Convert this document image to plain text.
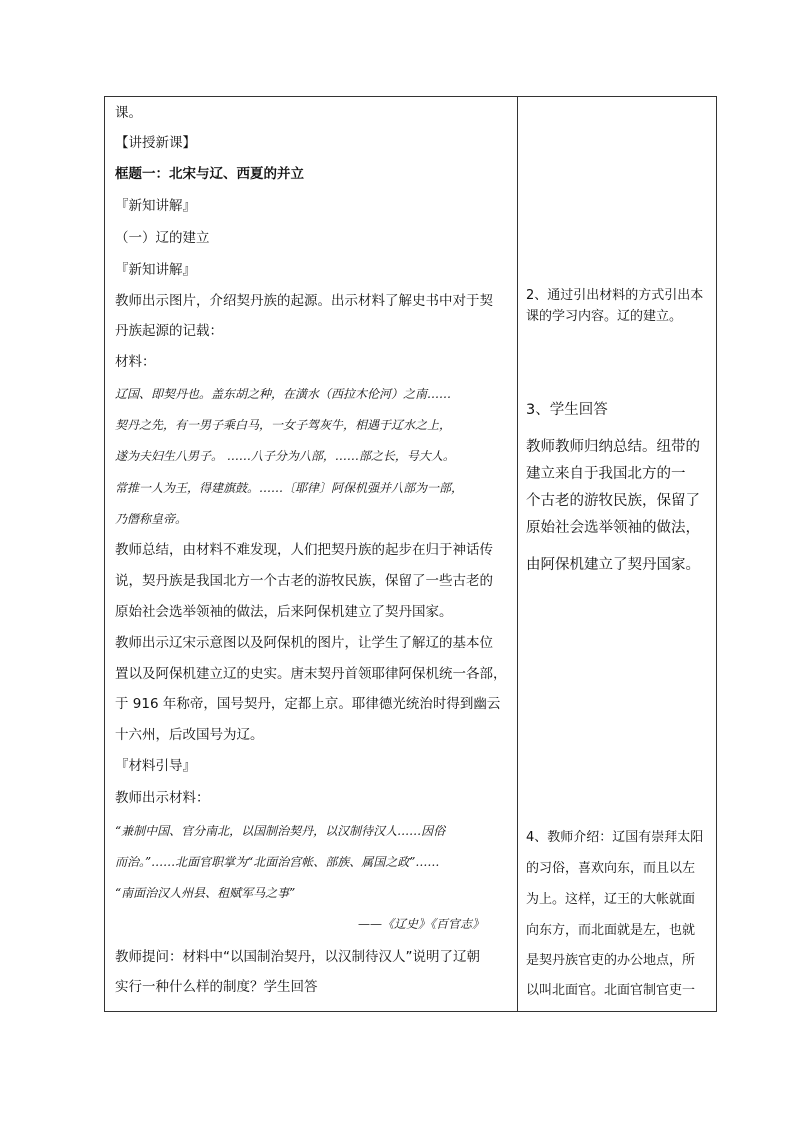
课。
【讲授新课】
框题一：北宋与辽、西夏的并立
『新知讲解』
（一）辽的建立
『新知讲解』
教师出示图片，介绍契丹族的起源。出示材料了解史书中对于契
丹族起源的记载：
材料：
辽国、即契丹也。盖东胡之种，在潢水（西拉木伦河）之南……
契丹之先，有一男子乘白马，一女子驾灰牛，相遇于辽水之上，
遂为夫妇生八男子。 ……八子分为八部，……部之长，号大人。
常推一人为王，得建旗鼓。……〔耶律〕阿保机强并八部为一部，
乃僭称皇帝。
教师总结，由材料不难发现，人们把契丹族的起步在归于神话传
说，契丹族是我国北方一个古老的游牧民族，保留了一些古老的
原始社会选举领袖的做法，后来阿保机建立了契丹国家。
教师出示辽宋示意图以及阿保机的图片，让学生了解辽的基本位
置以及阿保机建立辽的史实。唐末契丹首领耶律阿保机统一各部，
于 916 年称帝，国号契丹，定都上京。耶律德光统治时得到幽云
十六州，后改国号为辽。
『材料引导』
教师出示材料：
“兼制中国、官分南北，以国制治契丹，以汉制待汉人……因俗
而治。”……北面官职掌为“北面治宫帐、部族、属国之政”……
“南面治汉人州县、租赋军马之事”
——《辽史》《百官志》
教师提问：材料中“以国制治契丹，以汉制待汉人”说明了辽朝
实行一种什么样的制度？学生回答
2、通过引出材料的方式引出本
课的学习内容。辽的建立。
3、学生回答
教师教师归纳总结。纽带的
建立来自于我国北方的一
个古老的游牧民族，保留了
原始社会选举领袖的做法，
由阿保机建立了契丹国家。
4、教师介绍：辽国有崇拜太阳
的习俗，喜欢向东，而且以左
为上。这样，辽王的大帐就面
向东方，而北面就是左，也就
是契丹族官吏的办公地点，所
以叫北面官。北面官制官吏一
